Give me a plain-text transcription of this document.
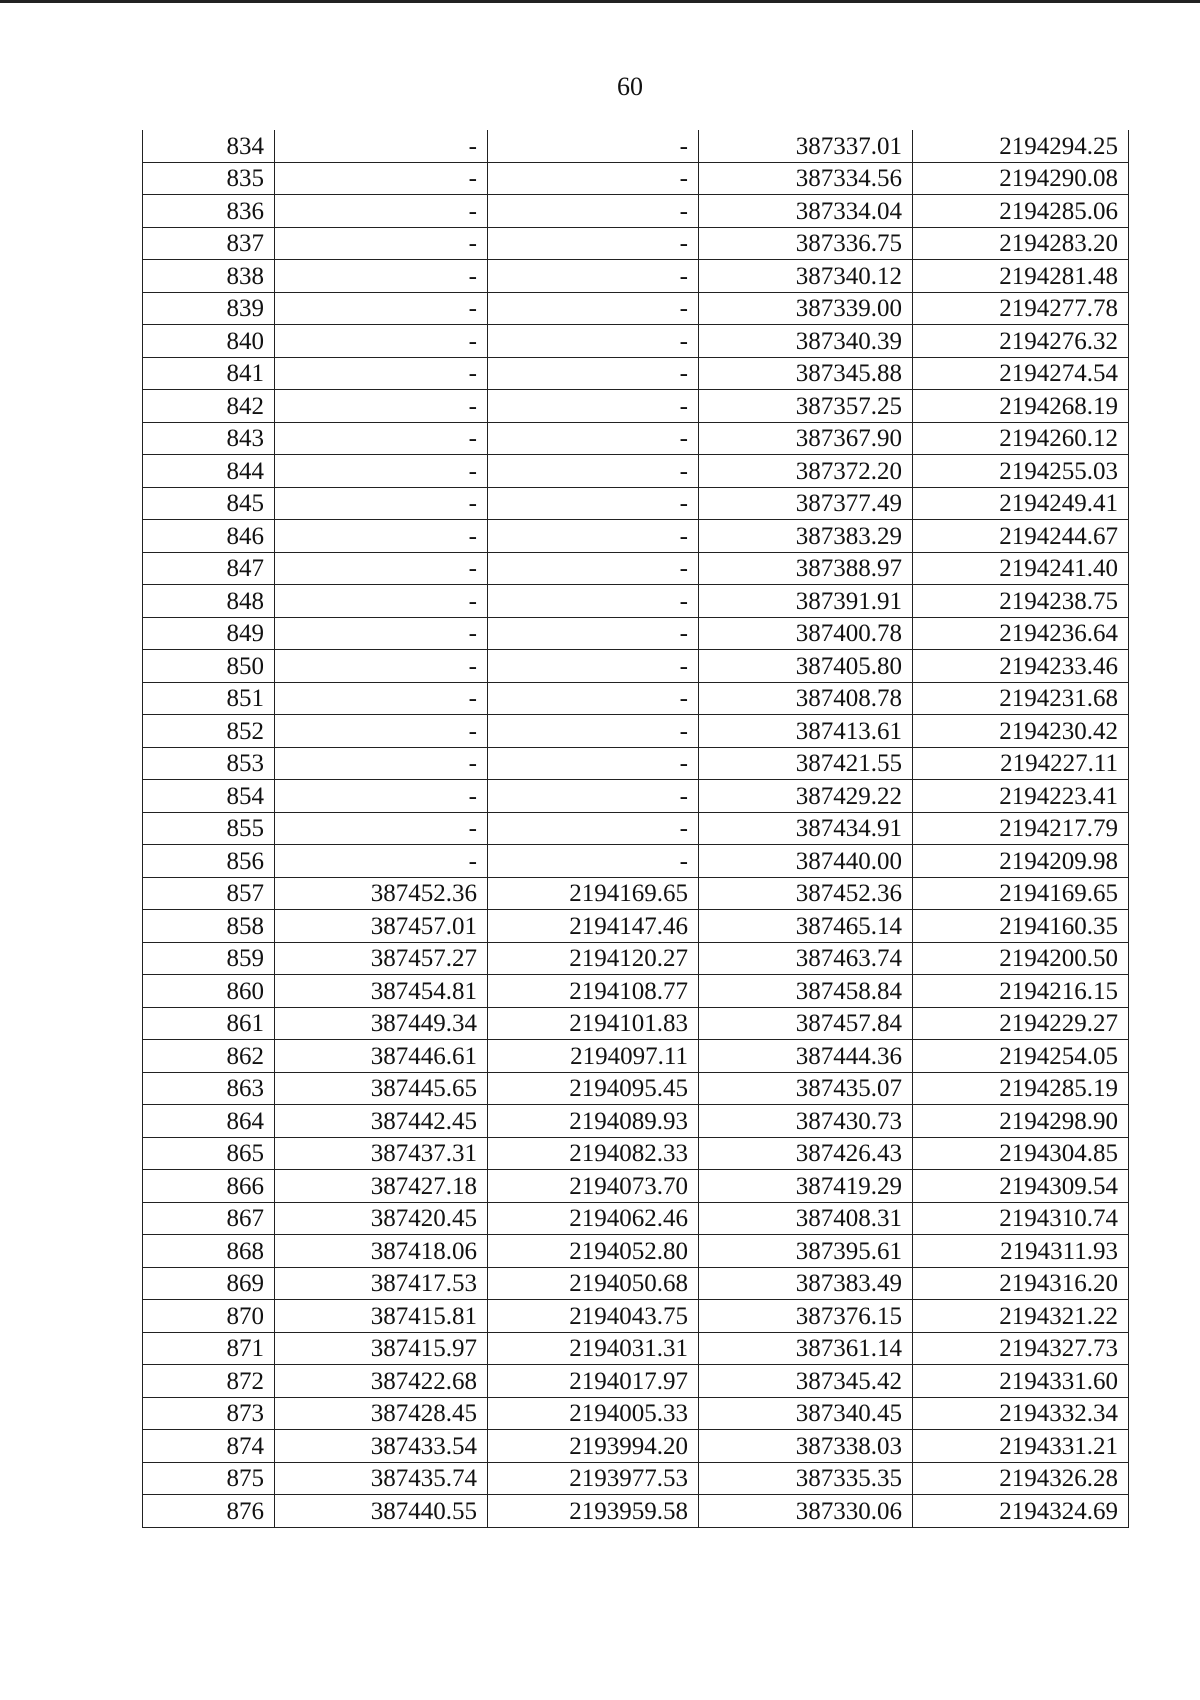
60
834	-	-	387337.01	2194294.25
835	-	-	387334.56	2194290.08
836	-	-	387334.04	2194285.06
837	-	-	387336.75	2194283.20
838	-	-	387340.12	2194281.48
839	-	-	387339.00	2194277.78
840	-	-	387340.39	2194276.32
841	-	-	387345.88	2194274.54
842	-	-	387357.25	2194268.19
843	-	-	387367.90	2194260.12
844	-	-	387372.20	2194255.03
845	-	-	387377.49	2194249.41
846	-	-	387383.29	2194244.67
847	-	-	387388.97	2194241.40
848	-	-	387391.91	2194238.75
849	-	-	387400.78	2194236.64
850	-	-	387405.80	2194233.46
851	-	-	387408.78	2194231.68
852	-	-	387413.61	2194230.42
853	-	-	387421.55	2194227.11
854	-	-	387429.22	2194223.41
855	-	-	387434.91	2194217.79
856	-	-	387440.00	2194209.98
857	387452.36	2194169.65	387452.36	2194169.65
858	387457.01	2194147.46	387465.14	2194160.35
859	387457.27	2194120.27	387463.74	2194200.50
860	387454.81	2194108.77	387458.84	2194216.15
861	387449.34	2194101.83	387457.84	2194229.27
862	387446.61	2194097.11	387444.36	2194254.05
863	387445.65	2194095.45	387435.07	2194285.19
864	387442.45	2194089.93	387430.73	2194298.90
865	387437.31	2194082.33	387426.43	2194304.85
866	387427.18	2194073.70	387419.29	2194309.54
867	387420.45	2194062.46	387408.31	2194310.74
868	387418.06	2194052.80	387395.61	2194311.93
869	387417.53	2194050.68	387383.49	2194316.20
870	387415.81	2194043.75	387376.15	2194321.22
871	387415.97	2194031.31	387361.14	2194327.73
872	387422.68	2194017.97	387345.42	2194331.60
873	387428.45	2194005.33	387340.45	2194332.34
874	387433.54	2193994.20	387338.03	2194331.21
875	387435.74	2193977.53	387335.35	2194326.28
876	387440.55	2193959.58	387330.06	2194324.69
